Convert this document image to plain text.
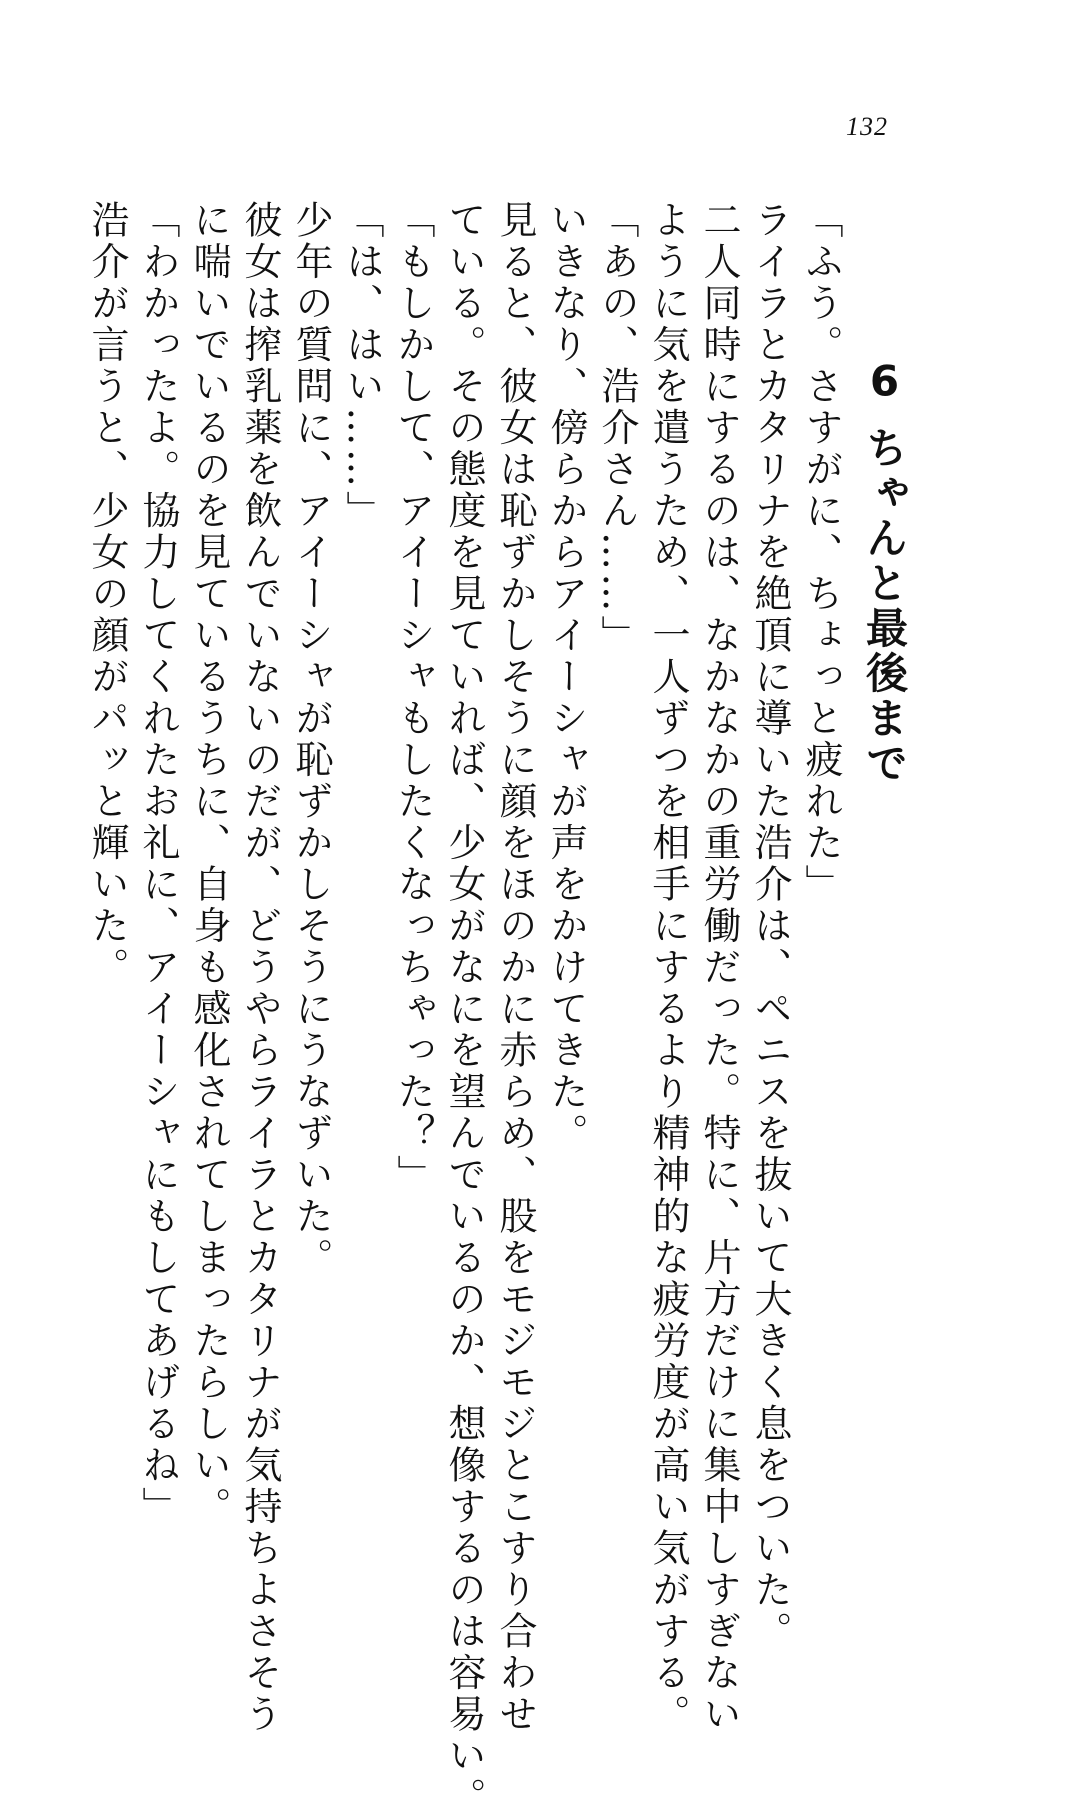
132
6ちゃんと最後まで
「ふう。さすがに、ちょっと疲れた」
ライラとカタリナを絶頂に導いた浩介は、ペニスを抜いて大きく息をついた。
二人同時にするのは、なかなかの重労働だった。特に、片方だけに集中しすぎない
ように気を遣うため、一人ずつを相手にするより精神的な疲労度が高い気がする。
「あの、浩介さん……」
いきなり、傍らからアイーシャが声をかけてきた。
見ると、彼女は恥ずかしそうに顔をほのかに赤らめ、股をモジモジとこすり合わせ
ている。その態度を見ていれば、少女がなにを望んでいるのか、想像するのは容易い。
「もしかして、アイーシャもしたくなっちゃった？」
「は、はい……」
少年の質問に、アイーシャが恥ずかしそうにうなずいた。
彼女は搾乳薬を飲んでいないのだが、どうやらライラとカタリナが気持ちよさそう
に喘いでいるのを見ているうちに、自身も感化されてしまったらしい。
「わかったよ。協力してくれたお礼に、アイーシャにもしてあげるね」
浩介が言うと、少女の顔がパッと輝いた。
